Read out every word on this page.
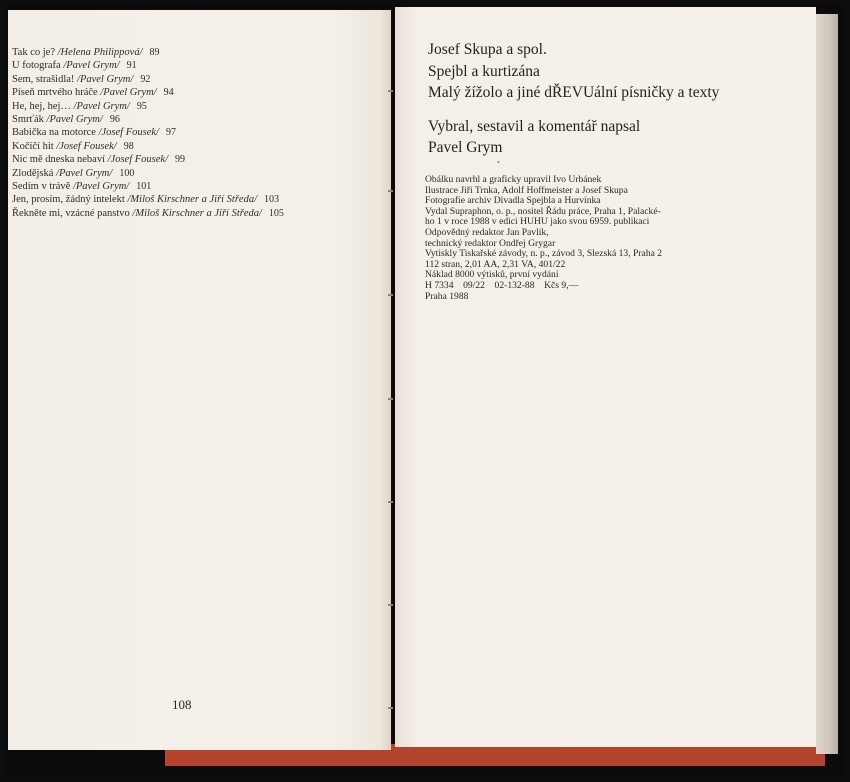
Tak co je? /Helena Philippová/ 89
U fotografa /Pavel Grym/ 91
Sem, strašidla! /Pavel Grym/ 92
Píseň mrtvého hráče /Pavel Grym/ 94
He, hej, hej… /Pavel Grym/ 95
Smrťák /Pavel Grym/ 96
Babička na motorce /Josef Fousek/ 97
Kočičí hit /Josef Fousek/ 98
Nic mě dneska nebaví /Josef Fousek/ 99
Zlodějská /Pavel Grym/ 100
Sedím v trávě /Pavel Grym/ 101
Jen, prosím, žádný intelekt /Miloš Kirschner a Jiří Středa/ 103
Řekněte mi, vzácné panstvo /Miloš Kirschner a Jiří Středa/ 105
108
Josef Skupa a spol.
Spejbl a kurtizána
Malý žížolo a jiné dŘEVUální písničky a texty
Vybral, sestavil a komentář napsal
Pavel Grym
•
Obálku navrhl a graficky upravil Ivo Urbánek
Ilustrace Jiří Trnka, Adolf Hoffmeister a Josef Skupa
Fotografie archiv Divadla Spejbla a Hurvínka
Vydal Supraphon, o. p., nositel Řádu práce, Praha 1, Palacké-
ho 1 v roce 1988 v edici HUHU jako svou 6959. publikaci
Odpovědný redaktor Jan Pavlík,
technický redaktor Ondřej Grygar
Vytiskly Tiskařské závody, n. p., závod 3, Slezská 13, Praha 2
112 stran, 2,01 AA, 2,31 VA, 401/22
Náklad 8000 výtisků, první vydání
H 7334    09/22    02-132-88    Kčs 9,—
Praha 1988
